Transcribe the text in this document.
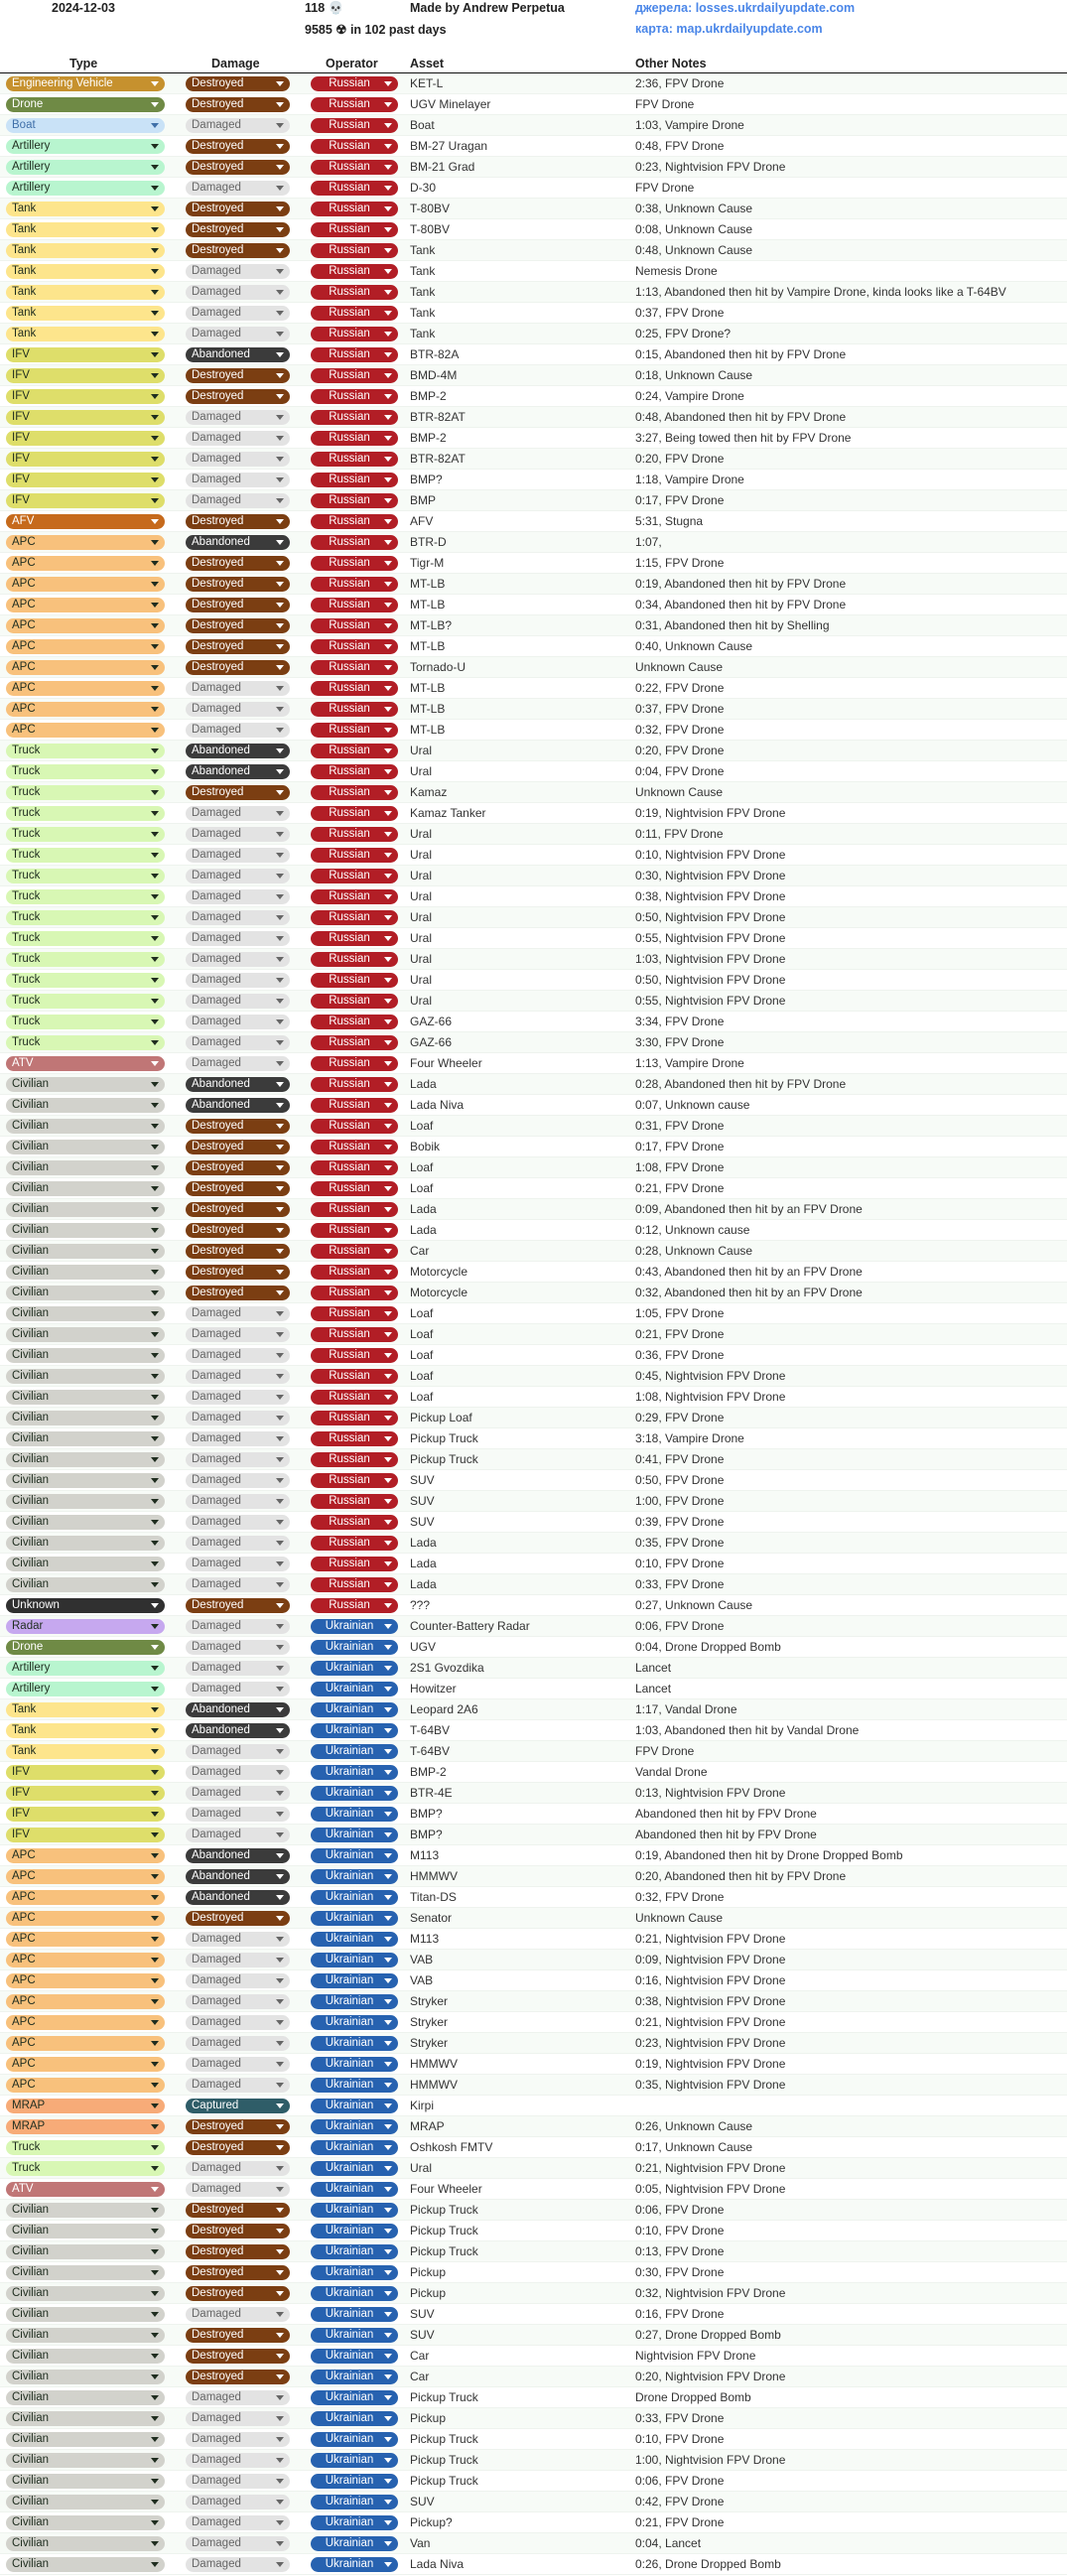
2024-12-03	118 💀	Made by Andrew Perpetua	джерела: losses.ukrdailyupdate.com
9585 ☢ in 102 past days	карта: map.ukrdailyupdate.com
Type	Damage	Operator	Asset	Other Notes
Engineering Vehicle	Destroyed	Russian	KET-L	2:36, FPV Drone
Drone	Destroyed	Russian	UGV Minelayer	FPV Drone
Boat	Damaged	Russian	Boat	1:03, Vampire Drone
Artillery	Destroyed	Russian	BM-27 Uragan	0:48, FPV Drone
Artillery	Destroyed	Russian	BM-21 Grad	0:23, Nightvision FPV Drone
Artillery	Damaged	Russian	D-30	FPV Drone
Tank	Destroyed	Russian	T-80BV	0:38, Unknown Cause
Tank	Destroyed	Russian	T-80BV	0:08, Unknown Cause
Tank	Destroyed	Russian	Tank	0:48, Unknown Cause
Tank	Damaged	Russian	Tank	Nemesis Drone
Tank	Damaged	Russian	Tank	1:13, Abandoned then hit by Vampire Drone, kinda looks like a T-64BV
Tank	Damaged	Russian	Tank	0:37, FPV Drone
Tank	Damaged	Russian	Tank	0:25, FPV Drone?
IFV	Abandoned	Russian	BTR-82A	0:15, Abandoned then hit by FPV Drone
IFV	Destroyed	Russian	BMD-4M	0:18, Unknown Cause
IFV	Destroyed	Russian	BMP-2	0:24, Vampire Drone
IFV	Damaged	Russian	BTR-82AT	0:48, Abandoned then hit by FPV Drone
IFV	Damaged	Russian	BMP-2	3:27, Being towed then hit by FPV Drone
IFV	Damaged	Russian	BTR-82AT	0:20, FPV Drone
IFV	Damaged	Russian	BMP?	1:18, Vampire Drone
IFV	Damaged	Russian	BMP	0:17, FPV Drone
AFV	Destroyed	Russian	AFV	5:31, Stugna
APC	Abandoned	Russian	BTR-D	1:07,
APC	Destroyed	Russian	Tigr-M	1:15, FPV Drone
APC	Destroyed	Russian	MT-LB	0:19, Abandoned then hit by FPV Drone
APC	Destroyed	Russian	MT-LB	0:34, Abandoned then hit by FPV Drone
APC	Destroyed	Russian	MT-LB?	0:31, Abandoned then hit by Shelling
APC	Destroyed	Russian	MT-LB	0:40, Unknown Cause
APC	Destroyed	Russian	Tornado-U	Unknown Cause
APC	Damaged	Russian	MT-LB	0:22, FPV Drone
APC	Damaged	Russian	MT-LB	0:37, FPV Drone
APC	Damaged	Russian	MT-LB	0:32, FPV Drone
Truck	Abandoned	Russian	Ural	0:20, FPV Drone
Truck	Abandoned	Russian	Ural	0:04, FPV Drone
Truck	Destroyed	Russian	Kamaz	Unknown Cause
Truck	Damaged	Russian	Kamaz Tanker	0:19, Nightvision FPV Drone
Truck	Damaged	Russian	Ural	0:11, FPV Drone
Truck	Damaged	Russian	Ural	0:10, Nightvision FPV Drone
Truck	Damaged	Russian	Ural	0:30, Nightvision FPV Drone
Truck	Damaged	Russian	Ural	0:38, Nightvision FPV Drone
Truck	Damaged	Russian	Ural	0:50, Nightvision FPV Drone
Truck	Damaged	Russian	Ural	0:55, Nightvision FPV Drone
Truck	Damaged	Russian	Ural	1:03, Nightvision FPV Drone
Truck	Damaged	Russian	Ural	0:50, Nightvision FPV Drone
Truck	Damaged	Russian	Ural	0:55, Nightvision FPV Drone
Truck	Damaged	Russian	GAZ-66	3:34, FPV Drone
Truck	Damaged	Russian	GAZ-66	3:30, FPV Drone
ATV	Damaged	Russian	Four Wheeler	1:13, Vampire Drone
Civilian	Abandoned	Russian	Lada	0:28, Abandoned then hit by FPV Drone
Civilian	Abandoned	Russian	Lada Niva	0:07, Unknown cause
Civilian	Destroyed	Russian	Loaf	0:31, FPV Drone
Civilian	Destroyed	Russian	Bobik	0:17, FPV Drone
Civilian	Destroyed	Russian	Loaf	1:08, FPV Drone
Civilian	Destroyed	Russian	Loaf	0:21, FPV Drone
Civilian	Destroyed	Russian	Lada	0:09, Abandoned then hit by an FPV Drone
Civilian	Destroyed	Russian	Lada	0:12, Unknown cause
Civilian	Destroyed	Russian	Car	0:28, Unknown Cause
Civilian	Destroyed	Russian	Motorcycle	0:43, Abandoned then hit by an FPV Drone
Civilian	Destroyed	Russian	Motorcycle	0:32, Abandoned then hit by an FPV Drone
Civilian	Damaged	Russian	Loaf	1:05, FPV Drone
Civilian	Damaged	Russian	Loaf	0:21, FPV Drone
Civilian	Damaged	Russian	Loaf	0:36, FPV Drone
Civilian	Damaged	Russian	Loaf	0:45, Nightvision FPV Drone
Civilian	Damaged	Russian	Loaf	1:08, Nightvision FPV Drone
Civilian	Damaged	Russian	Pickup Loaf	0:29, FPV Drone
Civilian	Damaged	Russian	Pickup Truck	3:18, Vampire Drone
Civilian	Damaged	Russian	Pickup Truck	0:41, FPV Drone
Civilian	Damaged	Russian	SUV	0:50, FPV Drone
Civilian	Damaged	Russian	SUV	1:00, FPV Drone
Civilian	Damaged	Russian	SUV	0:39, FPV Drone
Civilian	Damaged	Russian	Lada	0:35, FPV Drone
Civilian	Damaged	Russian	Lada	0:10, FPV Drone
Civilian	Damaged	Russian	Lada	0:33, FPV Drone
Unknown	Destroyed	Russian	???	0:27, Unknown Cause
Radar	Damaged	Ukrainian	Counter-Battery Radar	0:06, FPV Drone
Drone	Damaged	Ukrainian	UGV	0:04, Drone Dropped Bomb
Artillery	Damaged	Ukrainian	2S1 Gvozdika	Lancet
Artillery	Damaged	Ukrainian	Howitzer	Lancet
Tank	Abandoned	Ukrainian	Leopard 2A6	1:17, Vandal Drone
Tank	Abandoned	Ukrainian	T-64BV	1:03, Abandoned then hit by Vandal Drone
Tank	Damaged	Ukrainian	T-64BV	FPV Drone
IFV	Damaged	Ukrainian	BMP-2	Vandal Drone
IFV	Damaged	Ukrainian	BTR-4E	0:13, Nightvision FPV Drone
IFV	Damaged	Ukrainian	BMP?	Abandoned then hit by FPV Drone
IFV	Damaged	Ukrainian	BMP?	Abandoned then hit by FPV Drone
APC	Abandoned	Ukrainian	M113	0:19, Abandoned then hit by Drone Dropped Bomb
APC	Abandoned	Ukrainian	HMMWV	0:20, Abandoned then hit by FPV Drone
APC	Abandoned	Ukrainian	Titan-DS	0:32, FPV Drone
APC	Destroyed	Ukrainian	Senator	Unknown Cause
APC	Damaged	Ukrainian	M113	0:21, Nightvision FPV Drone
APC	Damaged	Ukrainian	VAB	0:09, Nightvision FPV Drone
APC	Damaged	Ukrainian	VAB	0:16, Nightvision FPV Drone
APC	Damaged	Ukrainian	Stryker	0:38, Nightvision FPV Drone
APC	Damaged	Ukrainian	Stryker	0:21, Nightvision FPV Drone
APC	Damaged	Ukrainian	Stryker	0:23, Nightvision FPV Drone
APC	Damaged	Ukrainian	HMMWV	0:19, Nightvision FPV Drone
APC	Damaged	Ukrainian	HMMWV	0:35, Nightvision FPV Drone
MRAP	Captured	Ukrainian	Kirpi
MRAP	Destroyed	Ukrainian	MRAP	0:26, Unknown Cause
Truck	Destroyed	Ukrainian	Oshkosh FMTV	0:17, Unknown Cause
Truck	Damaged	Ukrainian	Ural	0:21, Nightvision FPV Drone
ATV	Damaged	Ukrainian	Four Wheeler	0:05, Nightvision FPV Drone
Civilian	Destroyed	Ukrainian	Pickup Truck	0:06, FPV Drone
Civilian	Destroyed	Ukrainian	Pickup Truck	0:10, FPV Drone
Civilian	Destroyed	Ukrainian	Pickup Truck	0:13, FPV Drone
Civilian	Destroyed	Ukrainian	Pickup	0:30, FPV Drone
Civilian	Destroyed	Ukrainian	Pickup	0:32, Nightvision FPV Drone
Civilian	Damaged	Ukrainian	SUV	0:16, FPV Drone
Civilian	Destroyed	Ukrainian	SUV	0:27, Drone Dropped Bomb
Civilian	Destroyed	Ukrainian	Car	Nightvision FPV Drone
Civilian	Destroyed	Ukrainian	Car	0:20, Nightvision FPV Drone
Civilian	Damaged	Ukrainian	Pickup Truck	Drone Dropped Bomb
Civilian	Damaged	Ukrainian	Pickup	0:33, FPV Drone
Civilian	Damaged	Ukrainian	Pickup Truck	0:10, FPV Drone
Civilian	Damaged	Ukrainian	Pickup Truck	1:00, Nightvision FPV Drone
Civilian	Damaged	Ukrainian	Pickup Truck	0:06, FPV Drone
Civilian	Damaged	Ukrainian	SUV	0:42, FPV Drone
Civilian	Damaged	Ukrainian	Pickup?	0:21, FPV Drone
Civilian	Damaged	Ukrainian	Van	0:04, Lancet
Civilian	Damaged	Ukrainian	Lada Niva	0:26, Drone Dropped Bomb
